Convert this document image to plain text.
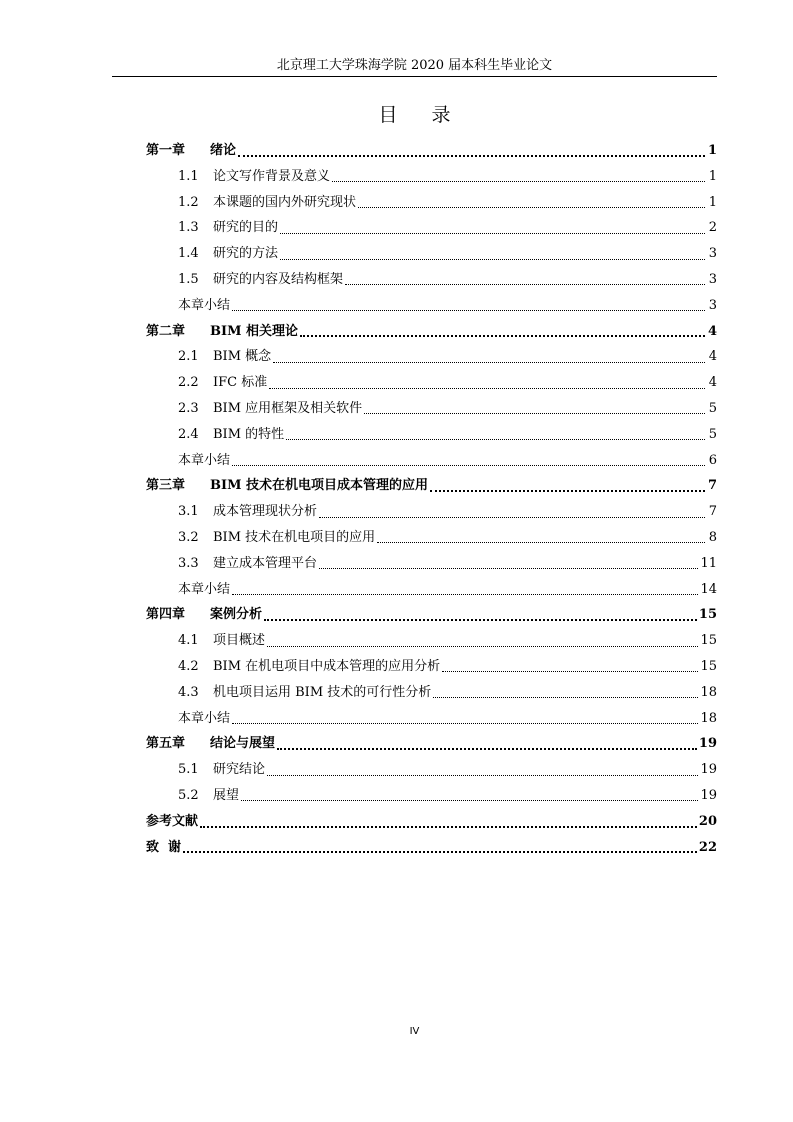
北京理工大学珠海学院 2020 届本科生毕业论文
目 录
第一章	绪论	1
1.1	论文写作背景及意义	1
1.2	本课题的国内外研究现状	1
1.3	研究的目的	2
1.4	研究的方法	3
1.5	研究的内容及结构框架	3
本章小结	3
第二章	BIM 相关理论	4
2.1	BIM 概念	4
2.2	IFC 标准	4
2.3	BIM 应用框架及相关软件	5
2.4	BIM 的特性	5
本章小结	6
第三章	BIM 技术在机电项目成本管理的应用	7
3.1	成本管理现状分析	7
3.2	BIM 技术在机电项目的应用	8
3.3	建立成本管理平台	11
本章小结	14
第四章	案例分析	15
4.1	项目概述	15
4.2	BIM 在机电项目中成本管理的应用分析	15
4.3	机电项目运用 BIM 技术的可行性分析	18
本章小结	18
第五章	结论与展望	19
5.1	研究结论	19
5.2	展望	19
参考文献	20
致  谢	22
IV
